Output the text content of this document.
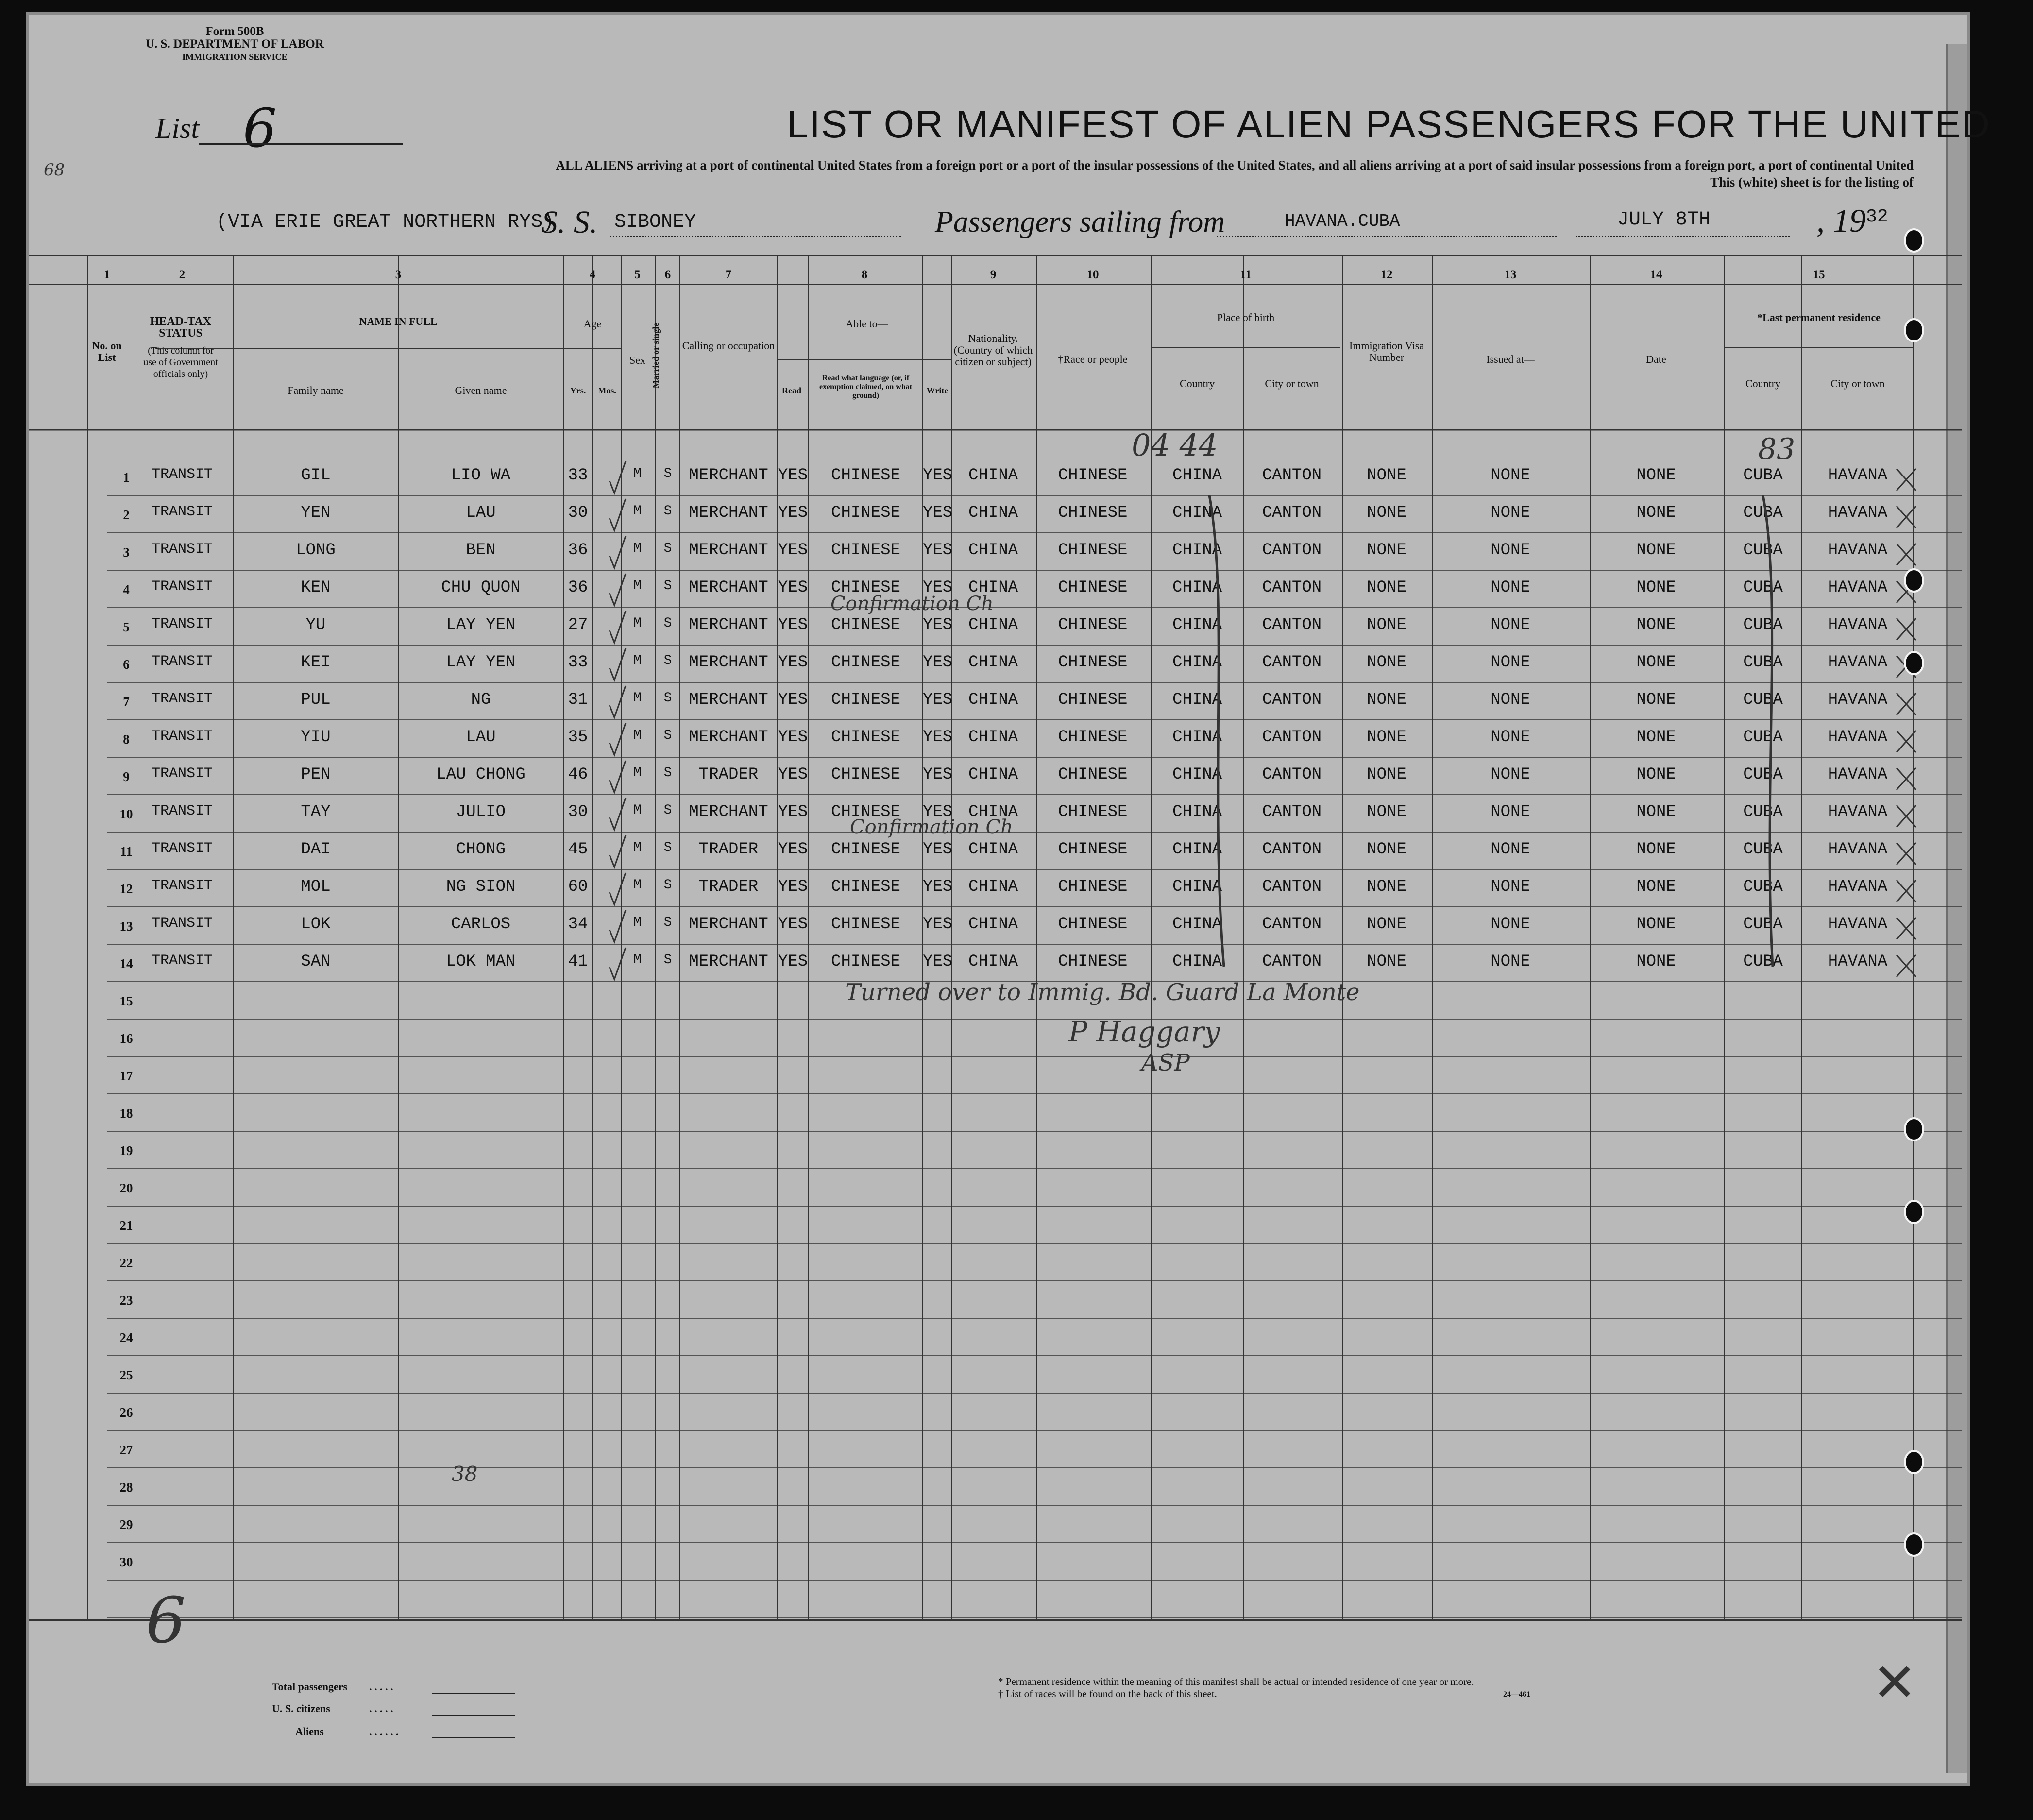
Form 500B
U. S. DEPARTMENT OF LABOR
IMMIGRATION SERVICE
List 6
68
LIST OR MANIFEST OF ALIEN PASSENGERS FOR THE UNITED
ALL ALIENS arriving at a port of continental United States from a foreign port or a port of the insular possessions of the United States, and all aliens arriving at a port of said insular possessions from a foreign port, a port of continental United
This (white) sheet is for the listing of
(VIA ERIE GREAT NORTHERN RYS)
S. S. SIBONEY	Passengers sailing from	HAVANA.CUBA	JULY 8TH	, $19^{32}$
1	2	3	4	5	6	7	8	9	10	11	12	13	14	15
No. on List
HEAD-TAX STATUS
(This column for use of Government officials only)
NAME IN FULL
Family name	Given name
Age
Yrs.	Mos.
Sex Married or single Calling or occupation
Able to—
Read
Read what language (or, if exemption claimed, on what ground)
Write
Nationality. (Country of which citizen or subject)	†Race or people
Place of birth
Country	City or town
Immigration Visa Number	Issued at—	Date
*Last permanent residence
Country	City or town
1	TRANSIT	GIL	LIO WA	33	M	S	MERCHANT YES	CHINESE	YES CHINA	CHINESE	CHINA	CANTON	NONE	NONE	NONE	CUBA	HAVANA
2	TRANSIT	YEN	LAU	30	M	S	MERCHANT YES	CHINESE	YES CHINA	CHINESE	CHINA	CANTON	NONE	NONE	NONE	CUBA	HAVANA
3	TRANSIT	LONG	BEN	36	M	S	MERCHANT YES	CHINESE	YES CHINA	CHINESE	CHINA	CANTON	NONE	NONE	NONE	CUBA	HAVANA
4	TRANSIT	KEN	CHU QUON	36	M	S	MERCHANT YES	CHINESE	YES CHINA	CHINESE	CHINA	CANTON	NONE	NONE	NONE	CUBA	HAVANA
5	TRANSIT	YU	LAY YEN	27	M	S	MERCHANT YES	CHINESE	YES CHINA	CHINESE	CHINA	CANTON	NONE	NONE	NONE	CUBA	HAVANA
6	TRANSIT	KEI	LAY YEN	33	M	S	MERCHANT YES	CHINESE	YES CHINA	CHINESE	CHINA	CANTON	NONE	NONE	NONE	CUBA	HAVANA
7	TRANSIT	PUL	NG	31	M	S	MERCHANT YES	CHINESE	YES CHINA	CHINESE	CHINA	CANTON	NONE	NONE	NONE	CUBA	HAVANA
8	TRANSIT	YIU	LAU	35	M	S	MERCHANT YES	CHINESE	YES CHINA	CHINESE	CHINA	CANTON	NONE	NONE	NONE	CUBA	HAVANA
9	TRANSIT	PEN	LAU CHONG	46	M	S	TRADER	YES	CHINESE	YES CHINA	CHINESE	CHINA	CANTON	NONE	NONE	NONE	CUBA	HAVANA
10	TRANSIT	TAY	JULIO	30	M	S	MERCHANT YES	CHINESE	YES CHINA	CHINESE	CHINA	CANTON	NONE	NONE	NONE	CUBA	HAVANA
11	TRANSIT	DAI	CHONG	45	M	S	TRADER	YES	CHINESE	YES CHINA	CHINESE	CHINA	CANTON	NONE	NONE	NONE	CUBA	HAVANA
12	TRANSIT	MOL	NG SION	60	M	S	TRADER	YES	CHINESE	YES CHINA	CHINESE	CHINA	CANTON	NONE	NONE	NONE	CUBA	HAVANA
13	TRANSIT	LOK	CARLOS	34	M	S	MERCHANT YES	CHINESE	YES CHINA	CHINESE	CHINA	CANTON	NONE	NONE	NONE	CUBA	HAVANA
14	TRANSIT	SAN	LOK MAN	41	M	S	MERCHANT YES	CHINESE	YES CHINA	CHINESE	CHINA	CANTON	NONE	NONE	NONE	CUBA	HAVANA
15
16
17
18
19
20
21
22
23
24
25
26
27
28
29
30
04 44	83
Confirmation Ch
Confirmation Ch
Turned over to Immig. Bd. Guard La Monte
P Haggary
ASP
38
6
Total passengers
U. S. citizens
Aliens
. . . . .
. . . . .
. . . . . .
* Permanent residence within the meaning of this manifest shall be actual or intended residence of one year or more.
† List of races will be found on the back of this sheet.	24—461	✕
